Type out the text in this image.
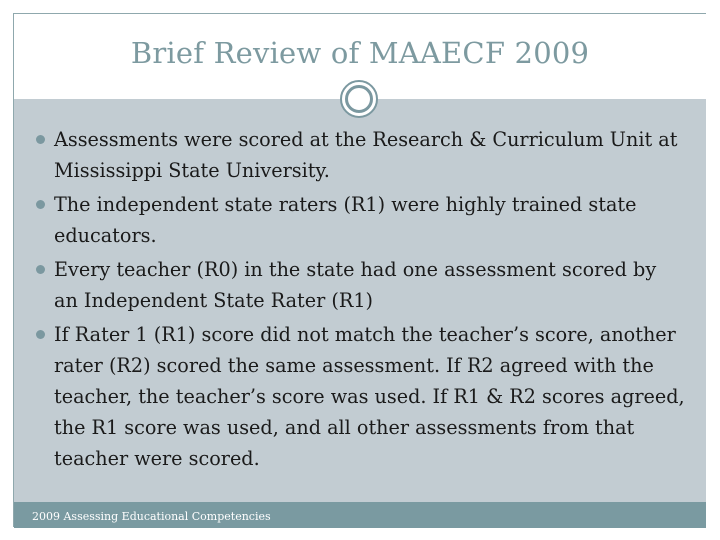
Brief Review of MAAECF 2009
Assessments were scored at the Research & Curriculum Unit at Mississippi State University.
The independent state raters (R1) were highly trained state educators.
Every teacher (R0) in the state had one assessment scored by an Independent State Rater (R1)
If Rater 1 (R1) score did not match the teacher’s score, another rater (R2) scored the same assessment. If R2 agreed with the teacher, the teacher’s score was used. If R1 & R2 scores agreed, the R1 score was used, and all other assessments from that teacher were scored.
2009 Assessing Educational Competencies
